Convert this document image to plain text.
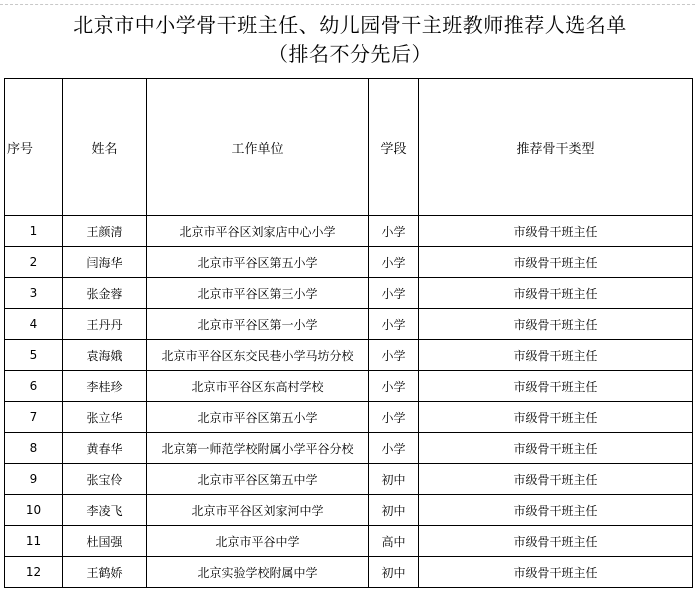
北京市中小学骨干班主任、幼儿园骨干主班教师推荐人选名单
（排名不分先后）
序号	姓名	工作单位	学段	推荐骨干类型
1	王颜清	北京市平谷区刘家店中心小学	小学	市级骨干班主任
2	闫海华	北京市平谷区第五小学	小学	市级骨干班主任
3	张金蓉	北京市平谷区第三小学	小学	市级骨干班主任
4	王丹丹	北京市平谷区第一小学	小学	市级骨干班主任
5	袁海娥	北京市平谷区东交民巷小学马坊分校	小学	市级骨干班主任
6	李桂珍	北京市平谷区东高村学校	小学	市级骨干班主任
7	张立华	北京市平谷区第五小学	小学	市级骨干班主任
8	黄春华	北京第一师范学校附属小学平谷分校	小学	市级骨干班主任
9	张宝伶	北京市平谷区第五中学	初中	市级骨干班主任
10	李凌飞	北京市平谷区刘家河中学	初中	市级骨干班主任
11	杜国强	北京市平谷中学	高中	市级骨干班主任
12	王鹤娇	北京实验学校附属中学	初中	市级骨干班主任
